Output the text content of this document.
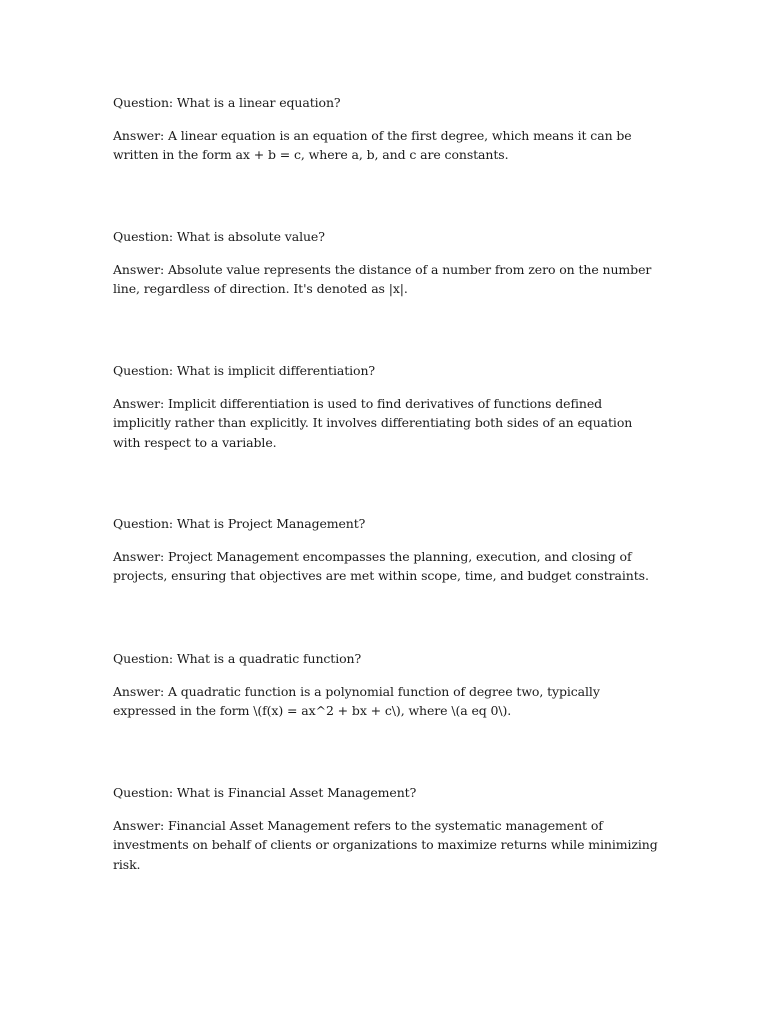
Question: What is a linear equation?

Answer: A linear equation is an equation of the first degree, which means it can be written in the form ax + b = c, where a, b, and c are constants.

Question: What is absolute value?

Answer: Absolute value represents the distance of a number from zero on the number line, regardless of direction. It's denoted as |x|.

Question: What is implicit differentiation?

Answer: Implicit differentiation is used to find derivatives of functions defined implicitly rather than explicitly. It involves differentiating both sides of an equation with respect to a variable.

Question: What is Project Management?

Answer: Project Management encompasses the planning, execution, and closing of projects, ensuring that objectives are met within scope, time, and budget constraints.

Question: What is a quadratic function?

Answer: A quadratic function is a polynomial function of degree two, typically expressed in the form \(f(x) = ax^2 + bx + c\), where \(a eq 0\).

Question: What is Financial Asset Management?

Answer: Financial Asset Management refers to the systematic management of investments on behalf of clients or organizations to maximize returns while minimizing risk.
